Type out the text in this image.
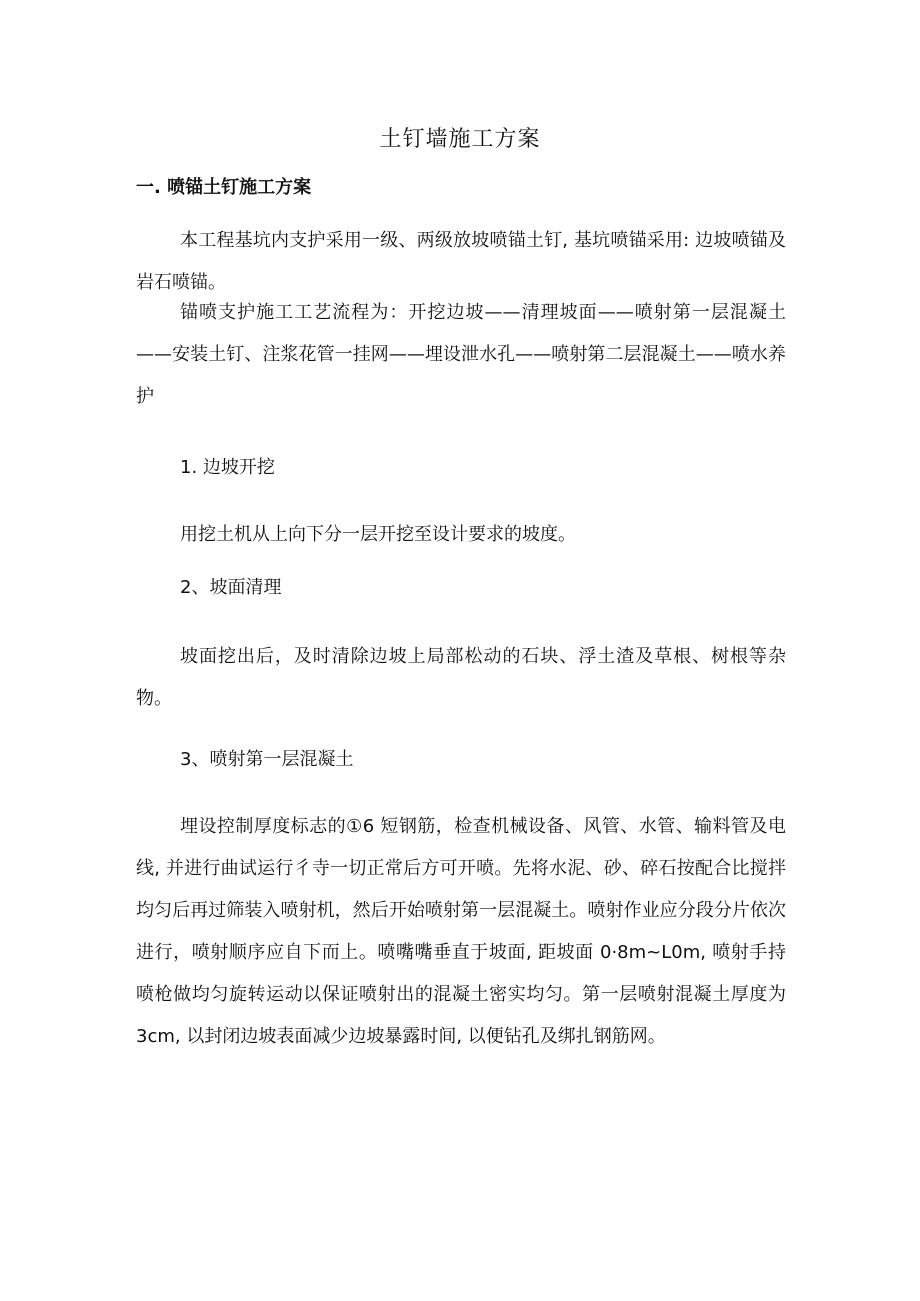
土钉墙施工方案
一. 喷锚土钉施工方案

本工程基坑内支护采用一级、两级放坡喷锚土钉, 基坑喷锚采用: 边坡喷锚及岩石喷锚。

锚喷支护施工工艺流程为：开挖边坡——清理坡面——喷射第一层混凝土——安装土钉、注浆花管一挂网——埋设泄水孔——喷射第二层混凝土——喷水养护

1. 边坡开挖

用挖土机从上向下分一层开挖至设计要求的坡度。

2、坡面清理

坡面挖出后，及时清除边坡上局部松动的石块、浮土渣及草根、树根等杂物。

3、喷射第一层混凝土

埋设控制厚度标志的①6 短钢筋，检查机械设备、风管、水管、输料管及电线, 并进行曲试运行彳寺一切正常后方可开喷。先将水泥、砂、碎石按配合比搅拌均匀后再过筛装入喷射机，然后开始喷射第一层混凝土。喷射作业应分段分片依次进行，喷射顺序应自下而上。喷嘴嘴垂直于坡面, 距坡面 0·8m~L0m, 喷射手持喷枪做均匀旋转运动以保证喷射出的混凝土密实均匀。第一层喷射混凝土厚度为 3cm, 以封闭边坡表面减少边坡暴露时间, 以便钻孔及绑扎钢筋网。
